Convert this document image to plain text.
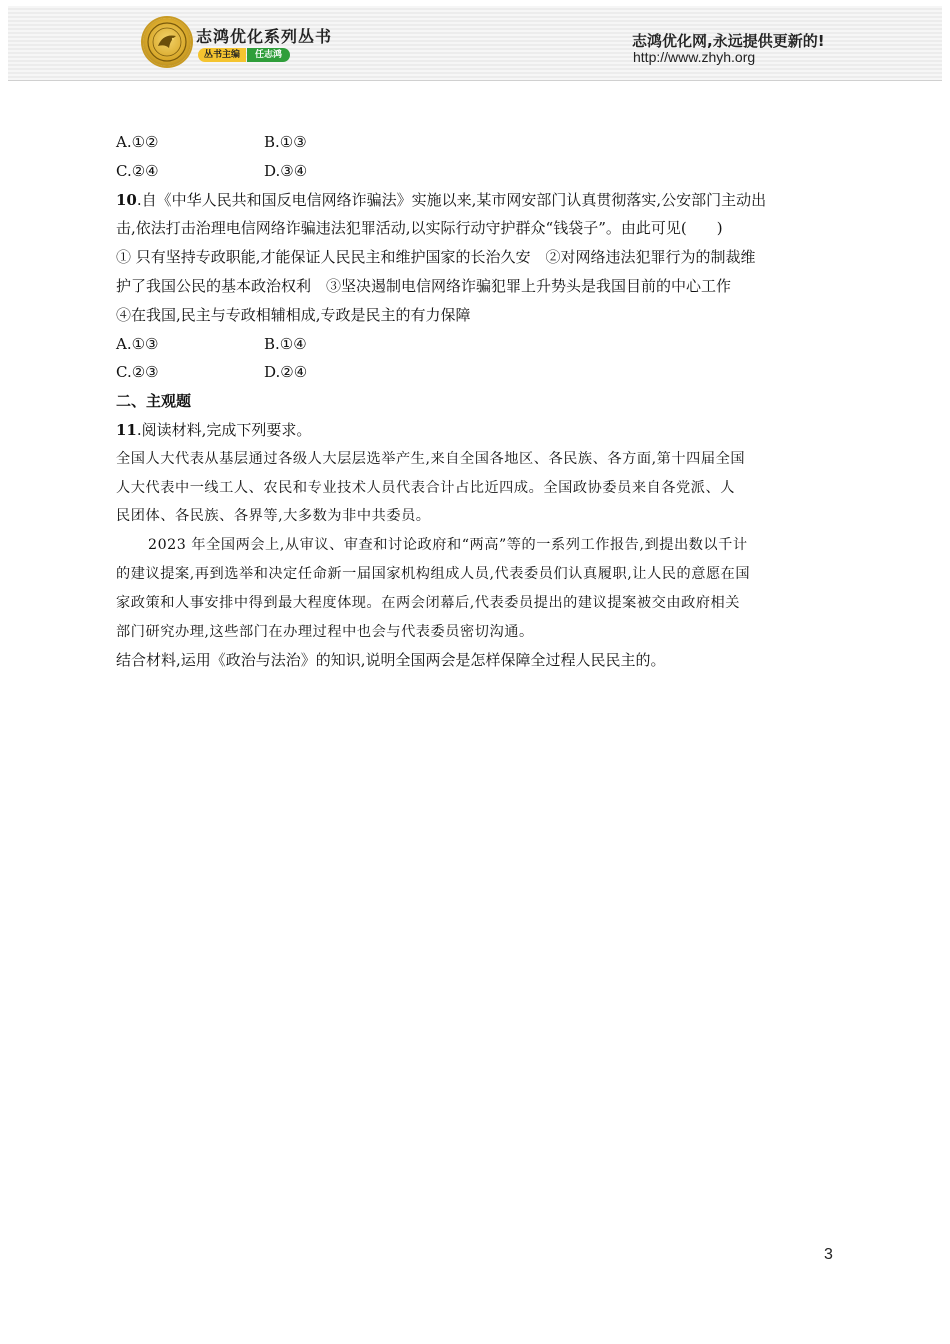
志鸿优化系列丛书
丛书主编	任志鸿
志鸿优化网,永远提供更新的!
http://www.zhyh.org
A.①②	B.①③
C.②④	D.③④
10.自《中华人民共和国反电信网络诈骗法》实施以来,某市网安部门认真贯彻落实,公安部门主动出
击,依法打击治理电信网络诈骗违法犯罪活动,以实际行动守护群众“钱袋子”。由此可见(　　)
① 只有坚持专政职能,才能保证人民民主和维护国家的长治久安　②对网络违法犯罪行为的制裁维
护了我国公民的基本政治权利　③坚决遏制电信网络诈骗犯罪上升势头是我国目前的中心工作
④在我国,民主与专政相辅相成,专政是民主的有力保障
A.①③	B.①④
C.②③	D.②④
二、主观题
11.阅读材料,完成下列要求。
全国人大代表从基层通过各级人大层层选举产生,来自全国各地区、各民族、各方面,第十四届全国
人大代表中一线工人、农民和专业技术人员代表合计占比近四成。全国政协委员来自各党派、人
民团体、各民族、各界等,大多数为非中共委员。
2023 年全国两会上,从审议、审查和讨论政府和“两高”等的一系列工作报告,到提出数以千计
的建议提案,再到选举和决定任命新一届国家机构组成人员,代表委员们认真履职,让人民的意愿在国
家政策和人事安排中得到最大程度体现。在两会闭幕后,代表委员提出的建议提案被交由政府相关
部门研究办理,这些部门在办理过程中也会与代表委员密切沟通。
结合材料,运用《政治与法治》的知识,说明全国两会是怎样保障全过程人民民主的。
3
